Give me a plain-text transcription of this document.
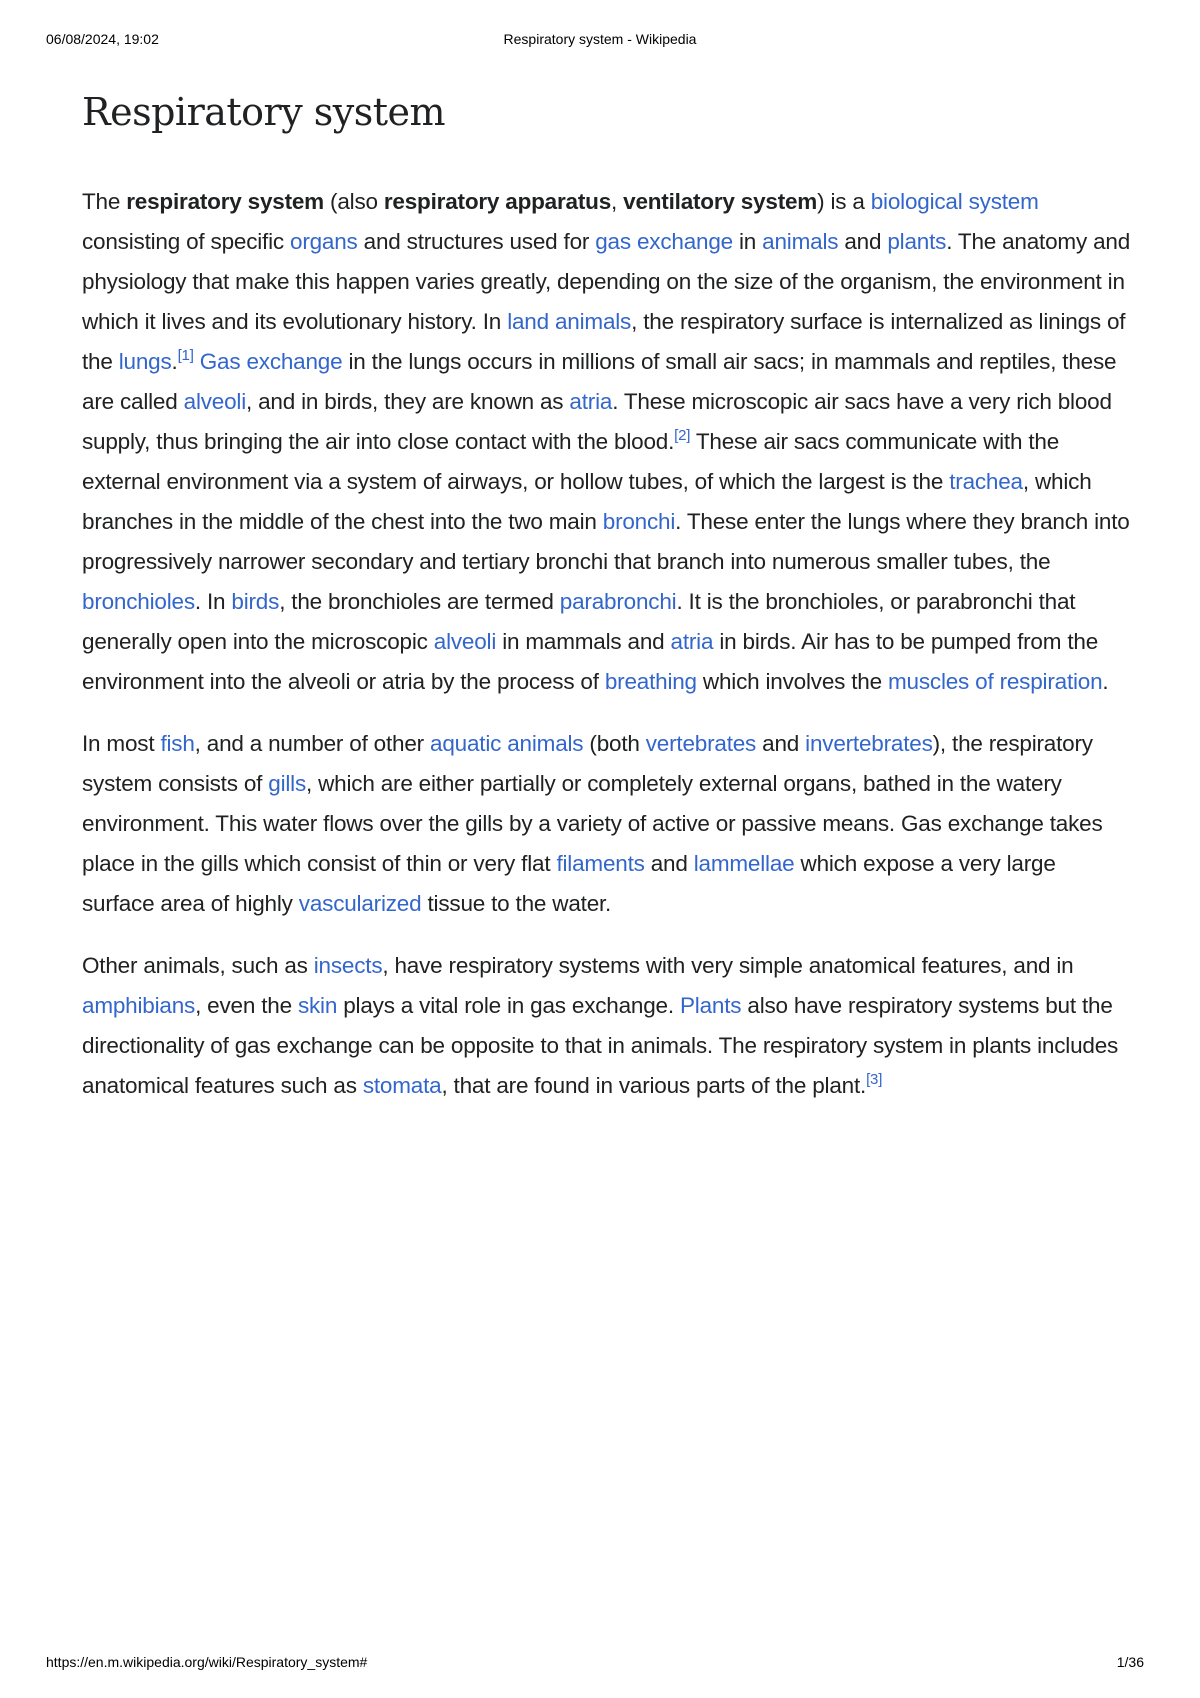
06/08/2024, 19:02	Respiratory system - Wikipedia
Respiratory system

The respiratory system (also respiratory apparatus, ventilatory system) is a biological system consisting of specific organs and structures used for gas exchange in animals and plants. The anatomy and physiology that make this happen varies greatly, depending on the size of the organism, the environment in which it lives and its evolutionary history. In land animals, the respiratory surface is internalized as linings of the lungs.[1] Gas exchange in the lungs occurs in millions of small air sacs; in mammals and reptiles, these are called alveoli, and in birds, they are known as atria. These microscopic air sacs have a very rich blood supply, thus bringing the air into close contact with the blood.[2] These air sacs communicate with the external environment via a system of airways, or hollow tubes, of which the largest is the trachea, which branches in the middle of the chest into the two main bronchi. These enter the lungs where they branch into progressively narrower secondary and tertiary bronchi that branch into numerous smaller tubes, the bronchioles. In birds, the bronchioles are termed parabronchi. It is the bronchioles, or parabronchi that generally open into the microscopic alveoli in mammals and atria in birds. Air has to be pumped from the environment into the alveoli or atria by the process of breathing which involves the muscles of respiration.

In most fish, and a number of other aquatic animals (both vertebrates and invertebrates), the respiratory system consists of gills, which are either partially or completely external organs, bathed in the watery environment. This water flows over the gills by a variety of active or passive means. Gas exchange takes place in the gills which consist of thin or very flat filaments and lammellae which expose a very large surface area of highly vascularized tissue to the water.

Other animals, such as insects, have respiratory systems with very simple anatomical features, and in amphibians, even the skin plays a vital role in gas exchange. Plants also have respiratory systems but the directionality of gas exchange can be opposite to that in animals. The respiratory system in plants includes anatomical features such as stomata, that are found in various parts of the plant.[3]

https://en.m.wikipedia.org/wiki/Respiratory_system#	1/36
